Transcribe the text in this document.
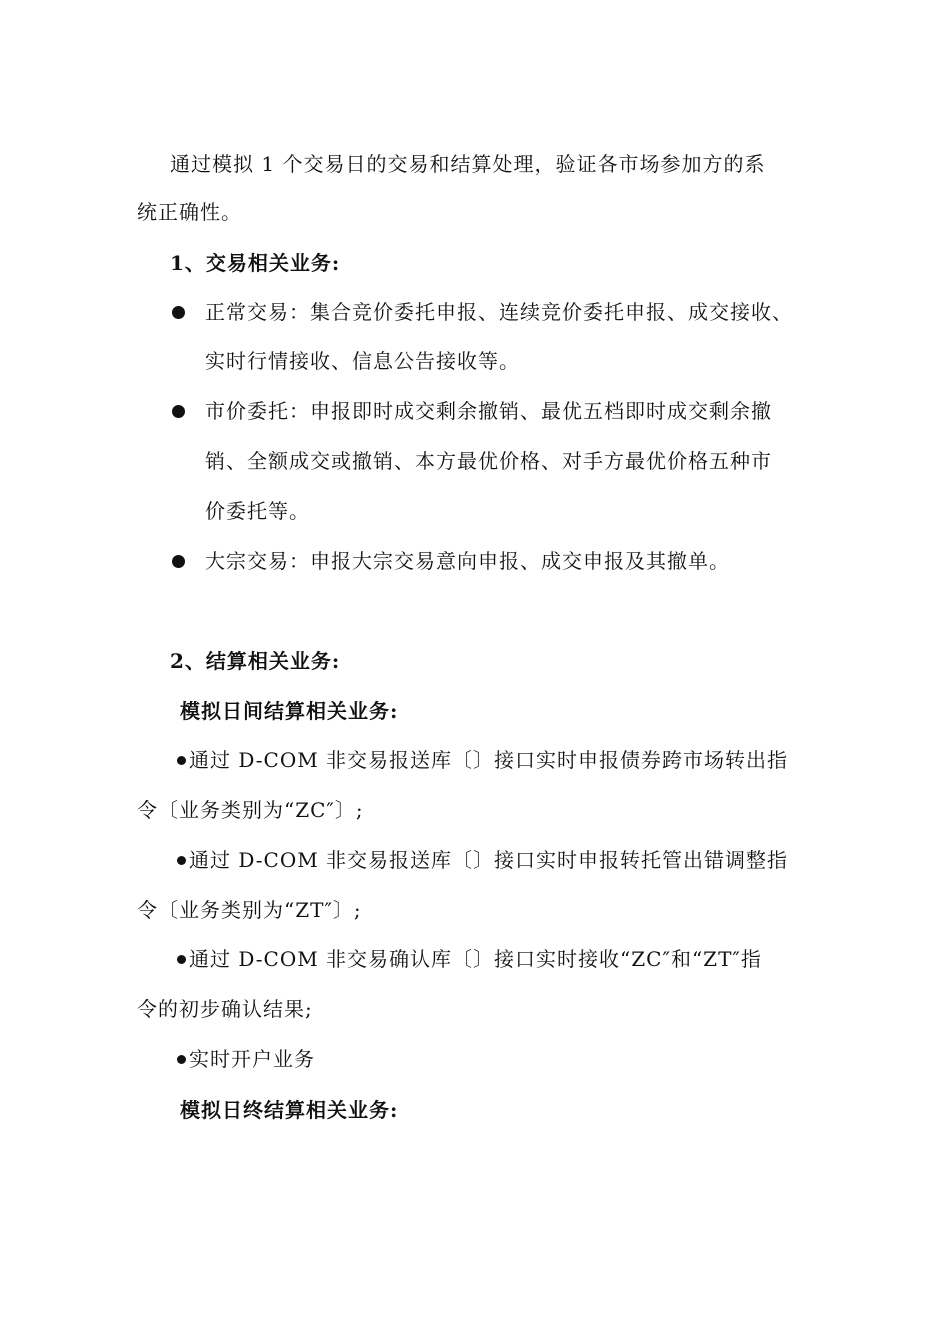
通过模拟 1 个交易日的交易和结算处理，验证各市场参加方的系
统正确性。
1、交易相关业务:
正常交易：集合竞价委托申报、连续竞价委托申报、成交接收、
实时行情接收、信息公告接收等。
市价委托：申报即时成交剩余撤销、最优五档即时成交剩余撤
销、全额成交或撤销、本方最优价格、对手方最优价格五种市
价委托等。
大宗交易：申报大宗交易意向申报、成交申报及其撤单。
2、结算相关业务:
模拟日间结算相关业务:
通过 D-COM 非交易报送库〔〕接口实时申报债券跨市场转出指
令〔业务类别为“ZC″〕;
通过 D-COM 非交易报送库〔〕接口实时申报转托管出错调整指
令〔业务类别为“ZT″〕;
通过 D-COM 非交易确认库〔〕接口实时接收“ZC″和“ZT″指
令的初步确认结果;
实时开户业务
模拟日终结算相关业务:
